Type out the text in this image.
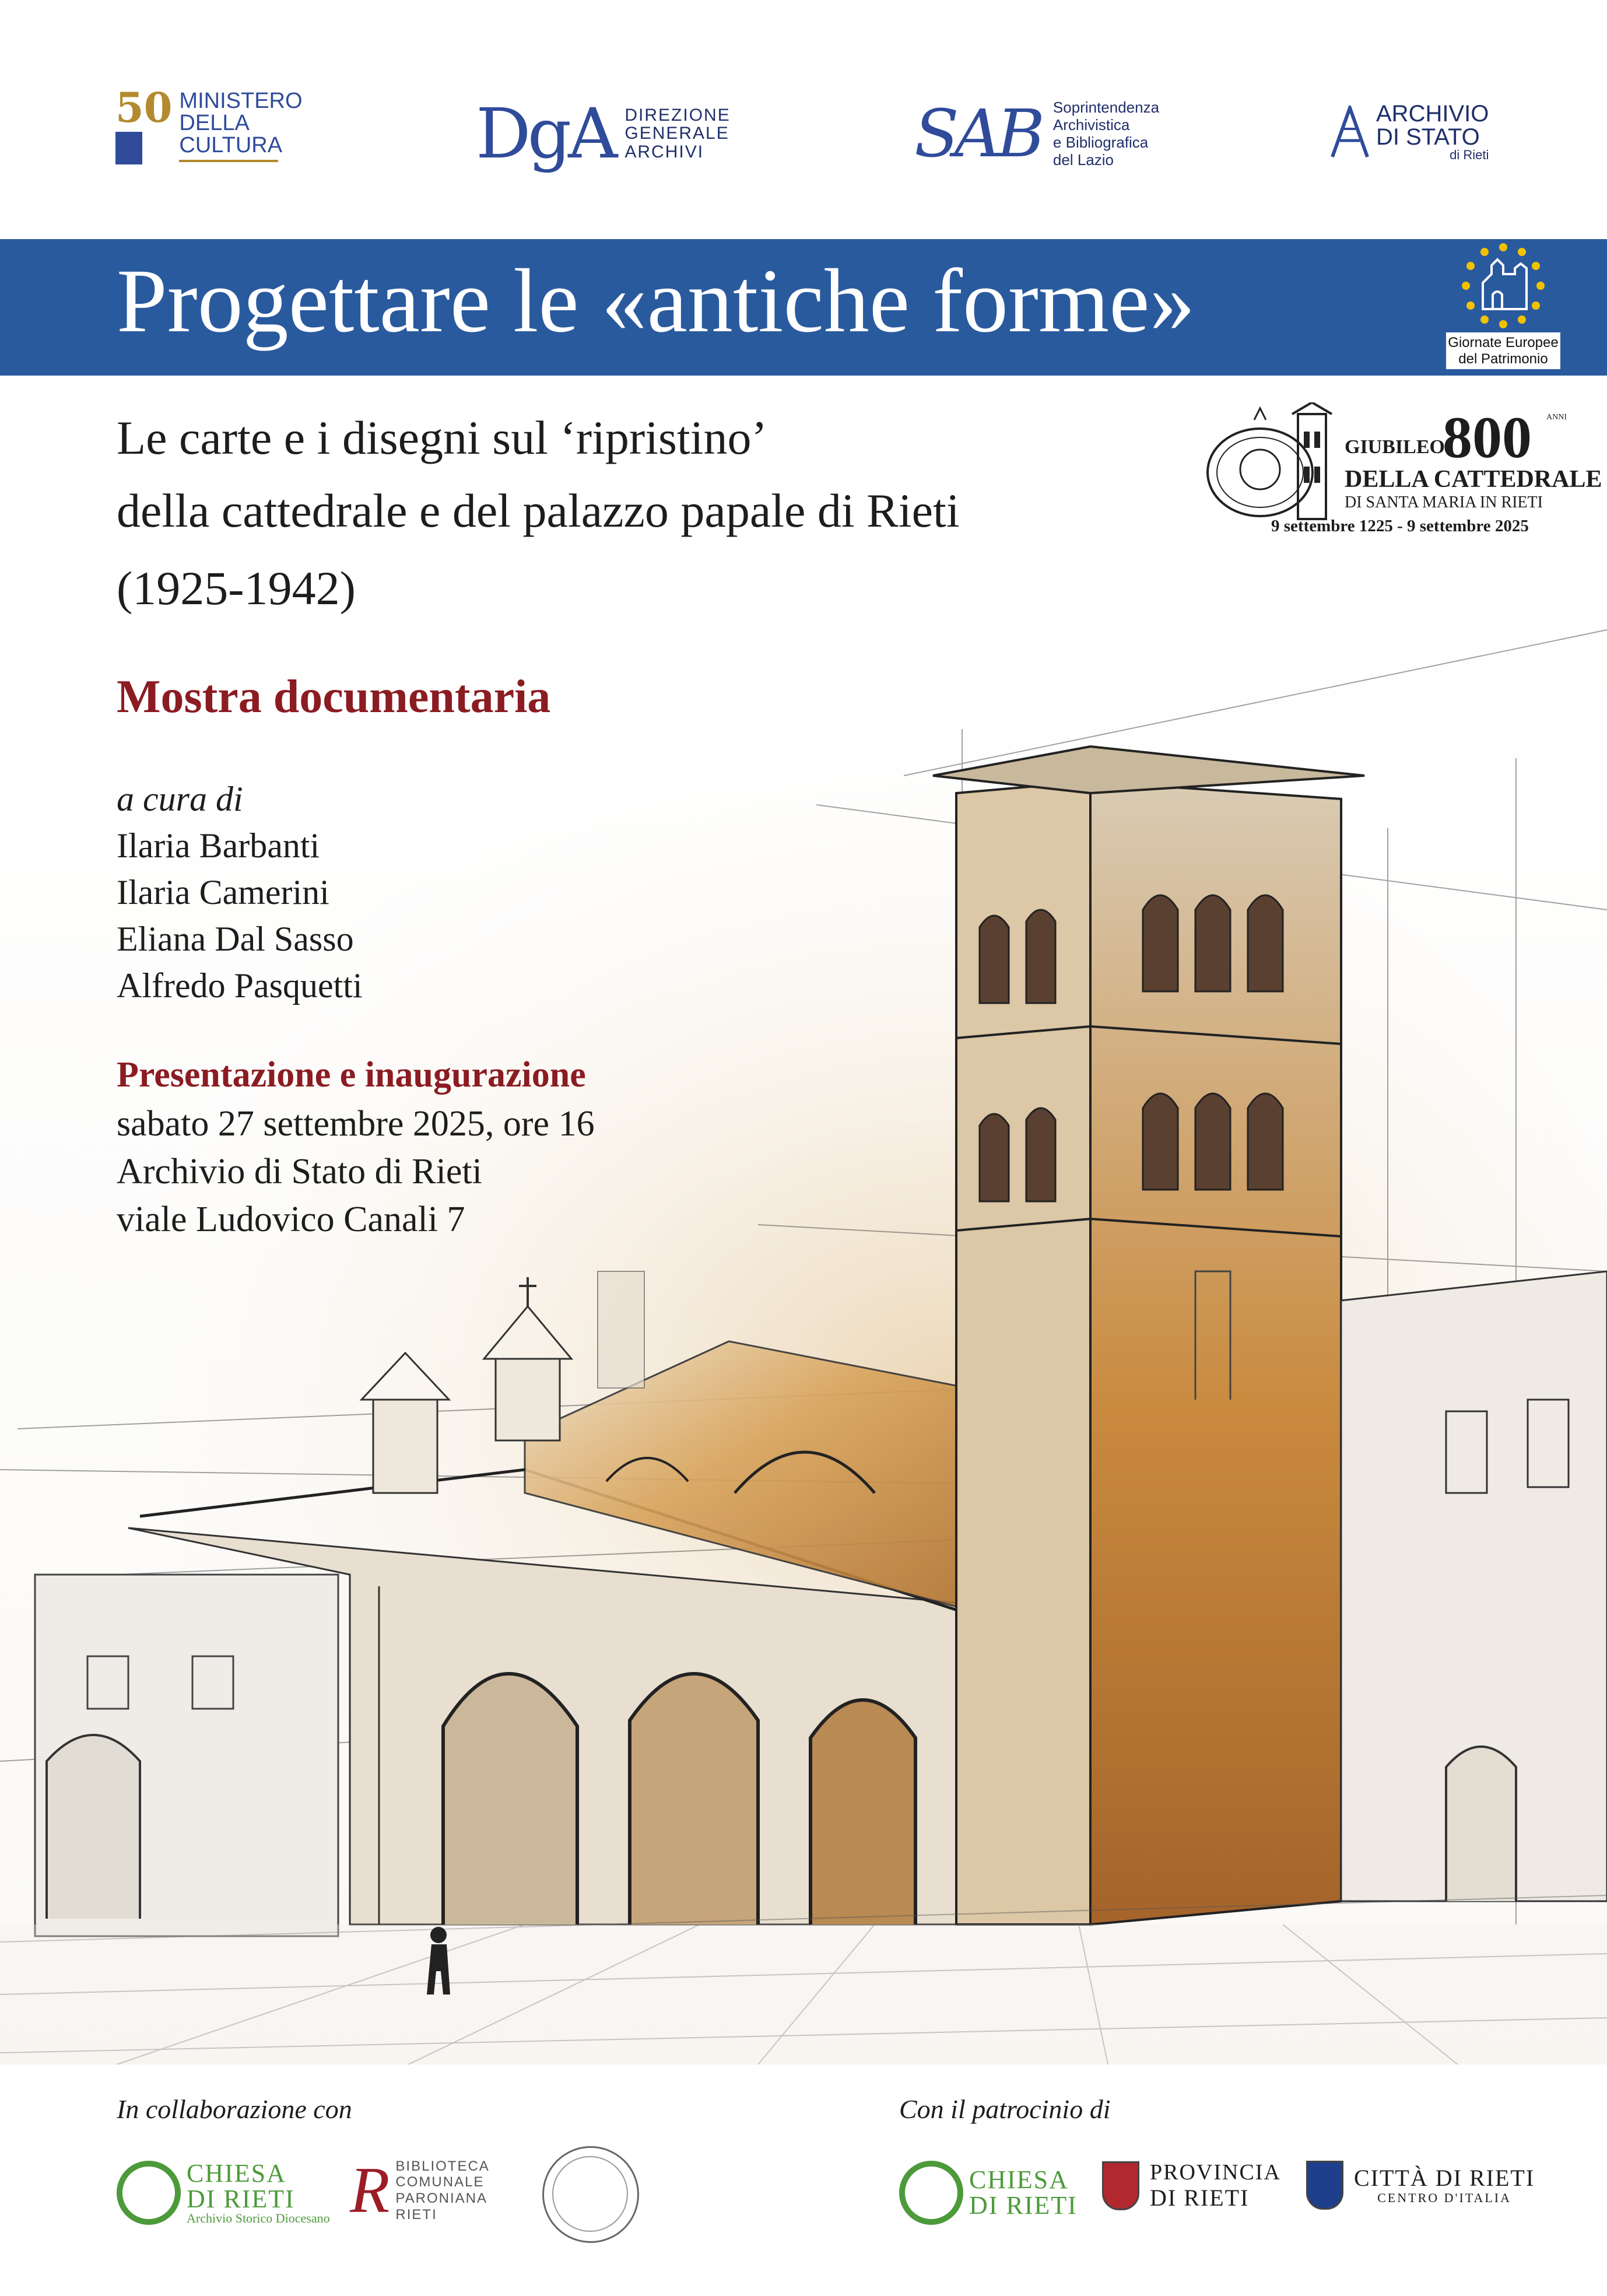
50 MINISTERO DELLA CULTURA	DgA DIREZIONE GENERALE ARCHIVI	SAB Soprintendenza
Archivistica
e Bibliografica
del Lazio
ARCHIVIO
DI STATO
di Rieti
Progettare le «antiche forme»	Giornate Europee
del Patrimonio
Le carte e i disegni sul ‘ripristino’
della cattedrale e del palazzo papale di Rieti
(1925-1942)
Mostra documentaria
a cura di
Ilaria Barbanti
Ilaria Camerini
Eliana Dal Sasso
Alfredo Pasquetti
Presentazione e inaugurazione
sabato 27 settembre 2025, ore 16
Archivio di Stato di Rieti
viale Ludovico Canali 7
GIUBILEO
800 ANNI
DELLA CATTEDRALE
DI SANTA MARIA IN RIETI
9 settembre 1225 - 9 settembre 2025
In collaborazione con	Con il patrocinio di
CHIESA
DI RIETI
Archivio Storico Diocesano R BIBLIOTECA
COMUNALE
PARONIANA
RIETI
CHIESA
DI RIETI
PROVINCIA
DI RIETI
CITTÀ DI RIETI
CENTRO D'ITALIA
